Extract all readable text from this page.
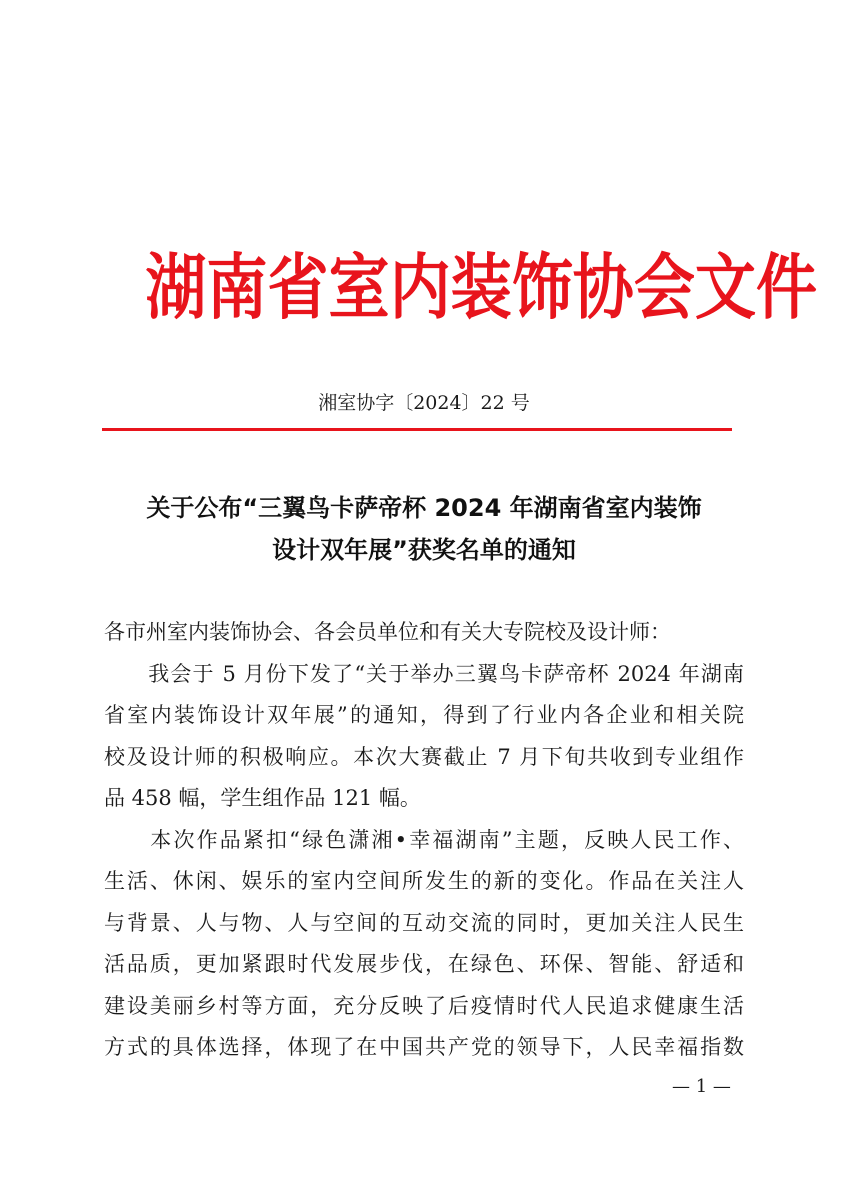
湖南省室内装饰协会文件
湘室协字〔2024〕22 号
关于公布“三翼鸟卡萨帝杯 2024 年湖南省室内装饰
设计双年展”获奖名单的通知
各市州室内装饰协会、各会员单位和有关大专院校及设计师：
　　我会于 5 月份下发了“关于举办三翼鸟卡萨帝杯 2024 年湖南
省室内装饰设计双年展”的通知，得到了行业内各企业和相关院
校及设计师的积极响应。本次大赛截止 7 月下旬共收到专业组作
品 458 幅，学生组作品 121 幅。
　　本次作品紧扣“绿色潇湘•幸福湖南”主题，反映人民工作、
生活、休闲、娱乐的室内空间所发生的新的变化。作品在关注人
与背景、人与物、人与空间的互动交流的同时，更加关注人民生
活品质，更加紧跟时代发展步伐，在绿色、环保、智能、舒适和
建设美丽乡村等方面，充分反映了后疫情时代人民追求健康生活
方式的具体选择，体现了在中国共产党的领导下，人民幸福指数
— 1 —
